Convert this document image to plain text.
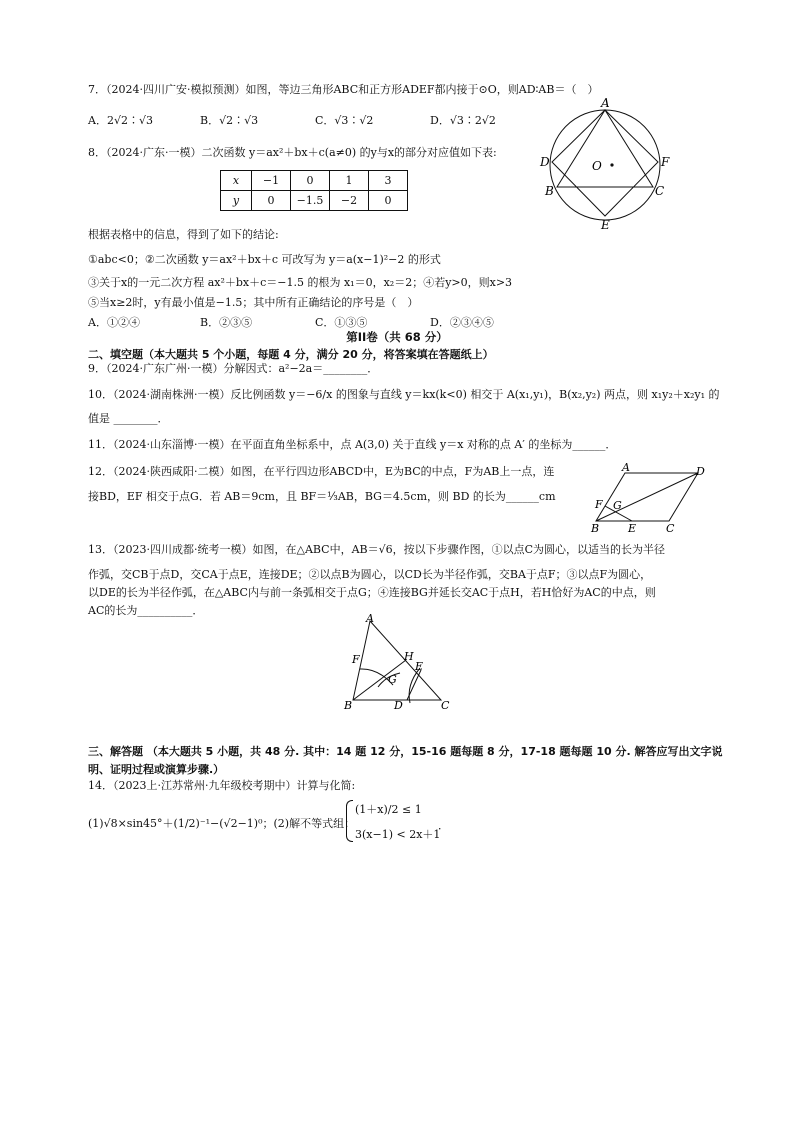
7．（2024·四川广安·模拟预测）如图，等边三角形ABC和正方形ADEF都内接于⊙O，则AD∶AB＝（　）
A．2√2∶√3	B．√2∶√3	C．√3∶√2	D．√3∶2√2
A
D	O	F
B	C
E
8．（2024·广东·一模）二次函数 y＝ax²＋bx＋c(a≠0) 的y与x的部分对应值如下表:
x	−1	0	1	3
y	0	−1.5	−2	0
根据表格中的信息，得到了如下的结论:
①abc<0；②二次函数 y＝ax²＋bx＋c 可改写为 y＝a(x−1)²−2 的形式
③关于x的一元二次方程 ax²＋bx＋c＝−1.5 的根为 x₁＝0，x₂＝2；④若y>0，则x>3
⑤当x≥2时，y有最小值是−1.5；其中所有正确结论的序号是（　）
A．①②④	B．②③⑤	C．①③⑤	D．②③④⑤
第II卷（共 68 分）
二、填空题（本大题共 5 个小题，每题 4 分，满分 20 分，将答案填在答题纸上）
9．（2024·广东广州·一模）分解因式：a²−2a＝________．
10．（2024·湖南株洲·一模）反比例函数 y＝−6/x 的图象与直线 y＝kx(k<0) 相交于 A(x₁,y₁)，B(x₂,y₂) 两点，则 x₁y₂＋x₂y₁ 的
值是 ________．
11．（2024·山东淄博·一模）在平面直角坐标系中，点 A(3,0) 关于直线 y＝x 对称的点 A′ 的坐标为______．
12．（2024·陕西咸阳·二模）如图，在平行四边形ABCD中，E为BC的中点，F为AB上一点，连
接BD，EF 相交于点G．若 AB＝9cm，且 BF＝⅓AB，BG＝4.5cm，则 BD 的长为______cm
A	D
F G
B	E	C
13．（2023·四川成都·统考一模）如图，在△ABC中，AB＝√6，按以下步骤作图，①以点C为圆心，以适当的长为半径
作弧，交CB于点D，交CA于点E，连接DE；②以点B为圆心，以CD长为半径作弧，交BA于点F；③以点F为圆心，
以DE的长为半径作弧，在△ABC内与前一条弧相交于点G；④连接BG并延长交AC于点H，若H恰好为AC的中点，则
AC的长为__________．
A
F	H
E
G
B	D	C
三、解答题 （本大题共 5 小题，共 48 分. 其中：14 题 12 分，15-16 题每题 8 分，17-18 题每题 10 分. 解答应写出文字说
明、证明过程或演算步骤.）
14．（2023上·江苏常州·九年级校考期中）计算与化简:
(1)√8×sin45°＋(1/2)⁻¹−(√2−1)⁰；(2)解不等式组：
(1＋x)/2 ≤ 1
3(x−1) < 2x＋1
．
